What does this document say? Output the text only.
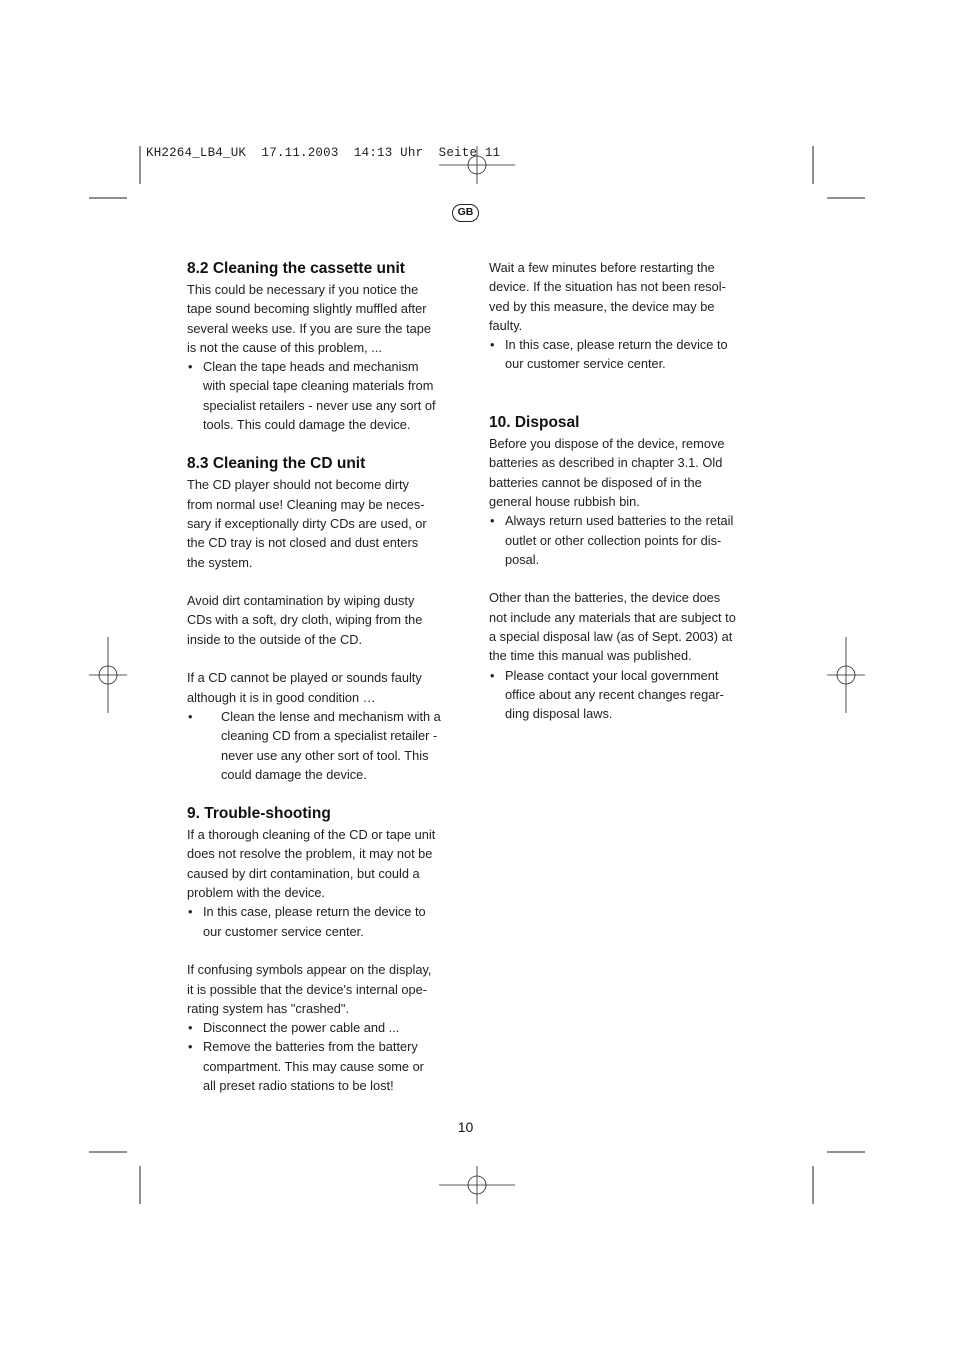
KH2264_LB4_UK  17.11.2003  14:13 Uhr  Seite 11
GB
8.2 Cleaning the cassette unit

This could be necessary if you notice the
tape sound becoming slightly muffled after
several weeks use. If you are sure the tape
is not the cause of this problem, ...

• Clean the tape heads and mechanism
with special tape cleaning materials from
specialist retailers - never use any sort of
tools. This could damage the device.
8.3 Cleaning the CD unit

The CD player should not become dirty
from normal use! Cleaning may be neces-
sary if exceptionally dirty CDs are used, or
the CD tray is not closed and dust enters
the system.

Avoid dirt contamination by wiping dusty
CDs with a soft, dry cloth, wiping from the
inside to the outside of the CD.

If a CD cannot be played or sounds faulty
although it is in good condition …

• Clean the lense and mechanism with a
cleaning CD from a specialist retailer -
never use any other sort of tool. This
could damage the device.
9. Trouble-shooting

If a thorough cleaning of the CD or tape unit
does not resolve the problem, it may not be
caused by dirt contamination, but could a
problem with the device.

• In this case, please return the device to
our customer service center.

If confusing symbols appear on the display,
it is possible that the device's internal ope-
rating system has "crashed".

• Disconnect the power cable and ...
• Remove the batteries from the battery
compartment. This may cause some or
all preset radio stations to be lost!

Wait a few minutes before restarting the
device. If the situation has not been resol-
ved by this measure, the device may be
faulty.

• In this case, please return the device to
our customer service center.
10. Disposal

Before you dispose of the device, remove
batteries as described in chapter 3.1. Old
batteries cannot be disposed of in the
general house rubbish bin.

• Always return used batteries to the retail
outlet or other collection points for dis-
posal.

Other than the batteries, the device does
not include any materials that are subject to
a special disposal law (as of Sept. 2003) at
the time this manual was published.

• Please contact your local government
office about any recent changes regar-
ding disposal laws.
10
